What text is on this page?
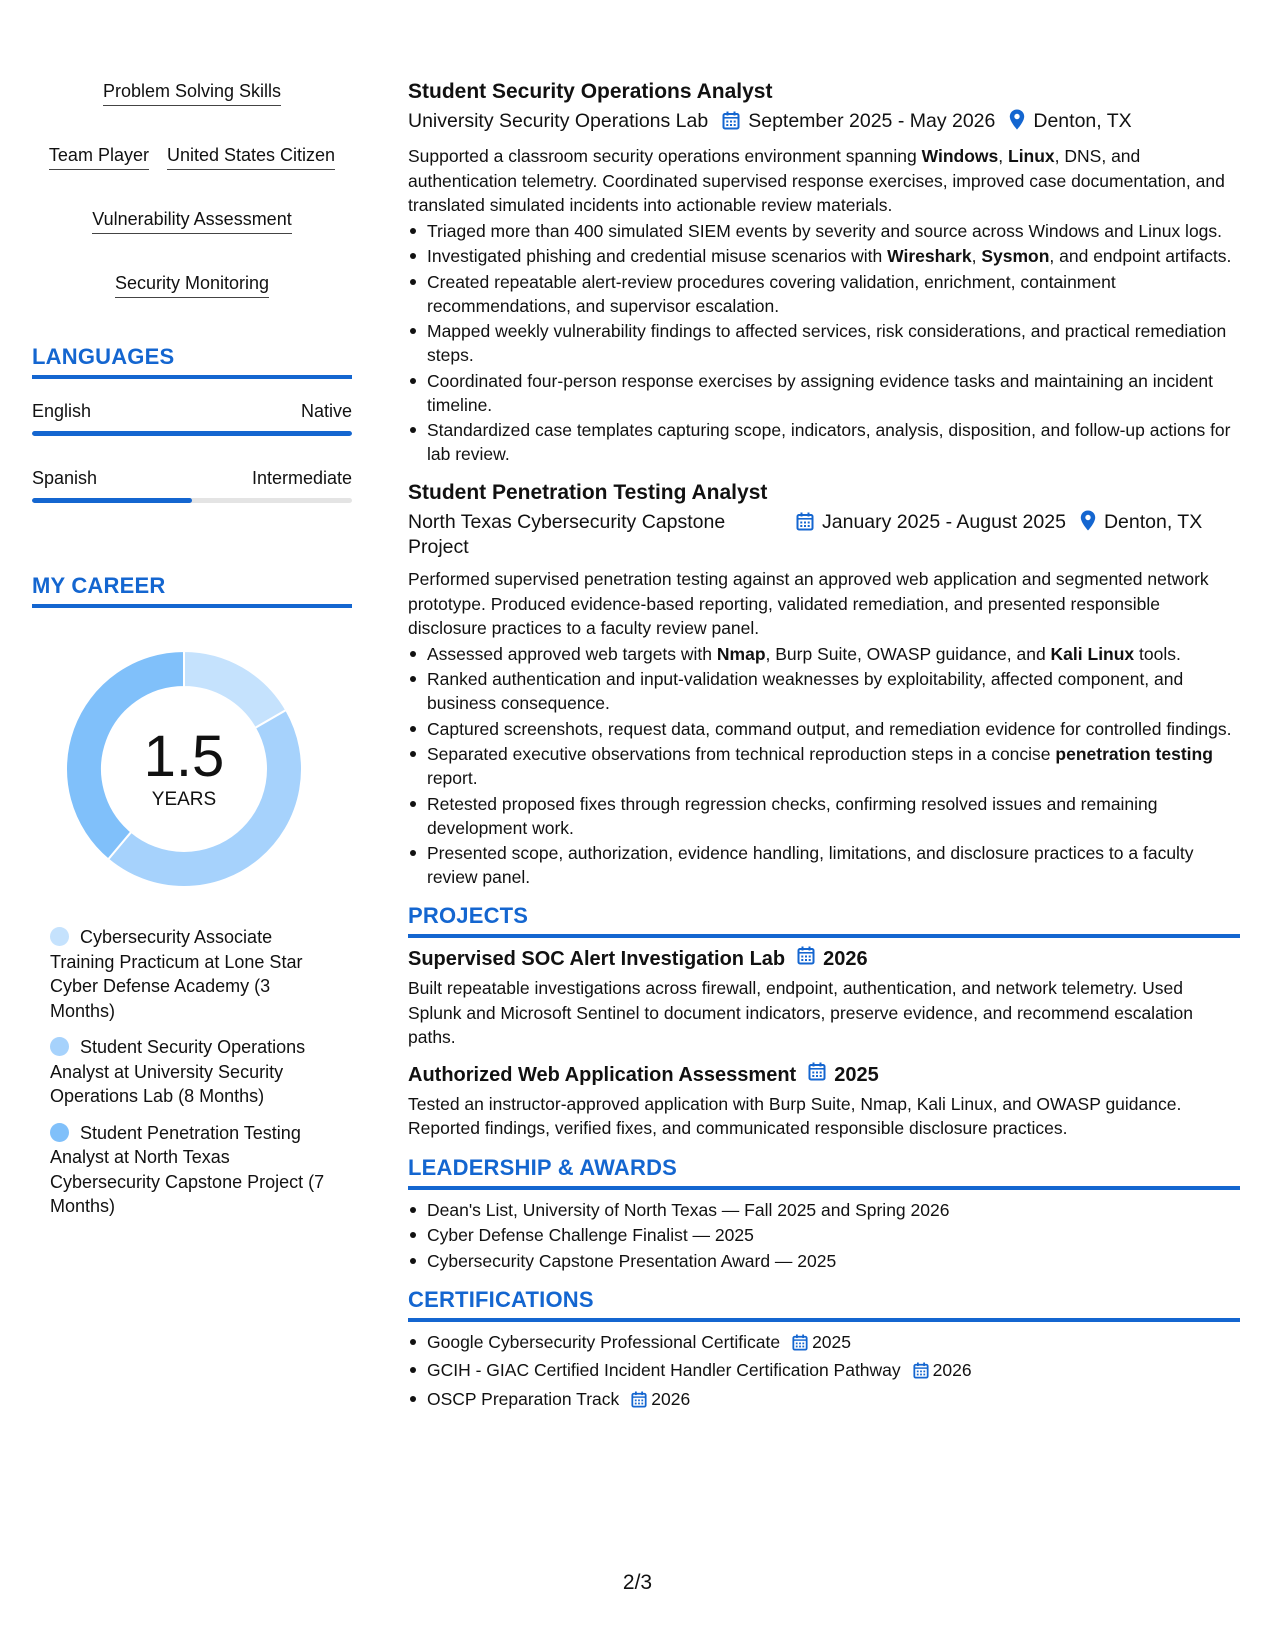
Problem Solving Skills
Team Player United States Citizen
Vulnerability Assessment
Security Monitoring
LANGUAGES
English	Native
Spanish	Intermediate
MY CAREER
1.5
YEARS
Cybersecurity Associate Training Practicum at Lone Star Cyber Defense Academy (3 Months)
Student Security Operations Analyst at University Security Operations Lab (8 Months)
Student Penetration Testing Analyst at North Texas Cybersecurity Capstone Project (7 Months)
Student Security Operations Analyst
University Security Operations Lab	September 2025 - May 2026	Denton, TX
Supported a classroom security operations environment spanning Windows, Linux, DNS, and authentication telemetry. Coordinated supervised response exercises, improved case documentation, and translated simulated incidents into actionable review materials.
Triaged more than 400 simulated SIEM events by severity and source across Windows and Linux logs.
Investigated phishing and credential misuse scenarios with Wireshark, Sysmon, and endpoint artifacts.
Created repeatable alert-review procedures covering validation, enrichment, containment recommendations, and supervisor escalation.
Mapped weekly vulnerability findings to affected services, risk considerations, and practical remediation steps.
Coordinated four-person response exercises by assigning evidence tasks and maintaining an incident timeline.
Standardized case templates capturing scope, indicators, analysis, disposition, and follow-up actions for lab review.
Student Penetration Testing Analyst
North Texas Cybersecurity Capstone Project
January 2025 - August 2025	Denton, TX
Performed supervised penetration testing against an approved web application and segmented network prototype. Produced evidence-based reporting, validated remediation, and presented responsible disclosure practices to a faculty review panel.
Assessed approved web targets with Nmap, Burp Suite, OWASP guidance, and Kali Linux tools.
Ranked authentication and input-validation weaknesses by exploitability, affected component, and business consequence.
Captured screenshots, request data, command output, and remediation evidence for controlled findings.
Separated executive observations from technical reproduction steps in a concise penetration testing report.
Retested proposed fixes through regression checks, confirming resolved issues and remaining development work.
Presented scope, authorization, evidence handling, limitations, and disclosure practices to a faculty review panel.
PROJECTS
Supervised SOC Alert Investigation Lab 2026
Built repeatable investigations across firewall, endpoint, authentication, and network telemetry. Used Splunk and Microsoft Sentinel to document indicators, preserve evidence, and recommend escalation paths.
Authorized Web Application Assessment 2025
Tested an instructor-approved application with Burp Suite, Nmap, Kali Linux, and OWASP guidance. Reported findings, verified fixes, and communicated responsible disclosure practices.
LEADERSHIP & AWARDS
Dean's List, University of North Texas — Fall 2025 and Spring 2026
Cyber Defense Challenge Finalist — 2025
Cybersecurity Capstone Presentation Award — 2025
CERTIFICATIONS
Google Cybersecurity Professional Certificate 2025
GCIH - GIAC Certified Incident Handler Certification Pathway 2026
OSCP Preparation Track 2026
2/3
